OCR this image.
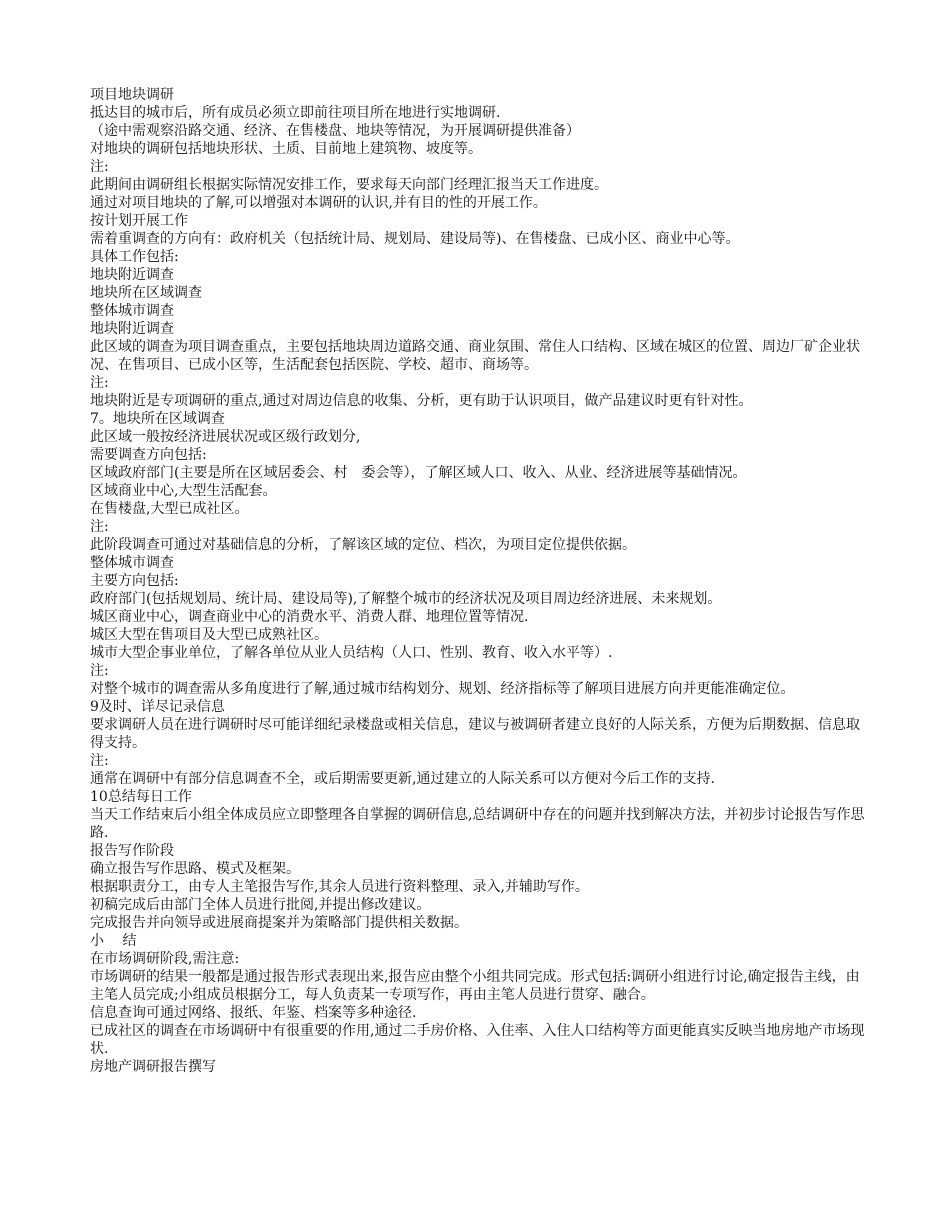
项目地块调研

抵达目的城市后，所有成员必须立即前往项目所在地进行实地调研.

（途中需观察沿路交通、经济、在售楼盘、地块等情况，为开展调研提供准备）

对地块的调研包括地块形状、土质、目前地上建筑物、坡度等。

注:

此期间由调研组长根据实际情况安排工作，要求每天向部门经理汇报当天工作进度。

通过对项目地块的了解,可以增强对本调研的认识,并有目的性的开展工作。

按计划开展工作

需着重调查的方向有：政府机关（包括统计局、规划局、建设局等)、在售楼盘、已成小区、商业中心等。

具体工作包括:

地块附近调查

地块所在区域调查

整体城市调查

地块附近调查

此区域的调查为项目调查重点，主要包括地块周边道路交通、商业氛围、常住人口结构、区域在城区的位置、周边厂矿企业状况、在售项目、已成小区等，生活配套包括医院、学校、超市、商场等。

注:

地块附近是专项调研的重点,通过对周边信息的收集、分析，更有助于认识项目，做产品建议时更有针对性。

7。地块所在区域调查

此区域一般按经济进展状况或区级行政划分,

需要调查方向包括:

区域政府部门(主要是所在区域居委会、村　委会等），了解区域人口、收入、从业、经济进展等基础情况。

区域商业中心,大型生活配套。

在售楼盘,大型已成社区。

注:

此阶段调查可通过对基础信息的分析，了解该区域的定位、档次，为项目定位提供依据。

整体城市调查

主要方向包括:

政府部门(包括规划局、统计局、建设局等),了解整个城市的经济状况及项目周边经济进展、未来规划。

城区商业中心，调查商业中心的消费水平、消费人群、地理位置等情况.

城区大型在售项目及大型已成熟社区。

城市大型企事业单位，了解各单位从业人员结构（人口、性别、教育、收入水平等）.

注:

对整个城市的调查需从多角度进行了解,通过城市结构划分、规划、经济指标等了解项目进展方向并更能准确定位。

9及时、详尽记录信息

要求调研人员在进行调研时尽可能详细纪录楼盘或相关信息，建议与被调研者建立良好的人际关系，方便为后期数据、信息取得支持。

注:

通常在调研中有部分信息调查不全，或后期需要更新,通过建立的人际关系可以方便对今后工作的支持.

10总结每日工作

当天工作结束后小组全体成员应立即整理各自掌握的调研信息,总结调研中存在的问题并找到解决方法，并初步讨论报告写作思路.

报告写作阶段

确立报告写作思路、模式及框架。

根据职责分工，由专人主笔报告写作,其余人员进行资料整理、录入,并辅助写作。

初稿完成后由部门全体人员进行批阅,并提出修改建议。

完成报告并向领导或进展商提案并为策略部门提供相关数据。

小　 结

在市场调研阶段,需注意:

市场调研的结果一般都是通过报告形式表现出来,报告应由整个小组共同完成。形式包括:调研小组进行讨论,确定报告主线，由主笔人员完成;小组成员根据分工，每人负责某一专项写作，再由主笔人员进行贯穿、融合。

信息查询可通过网络、报纸、年鉴、档案等多种途径.

已成社区的调查在市场调研中有很重要的作用,通过二手房价格、入住率、入住人口结构等方面更能真实反映当地房地产市场现状.

房地产调研报告撰写
